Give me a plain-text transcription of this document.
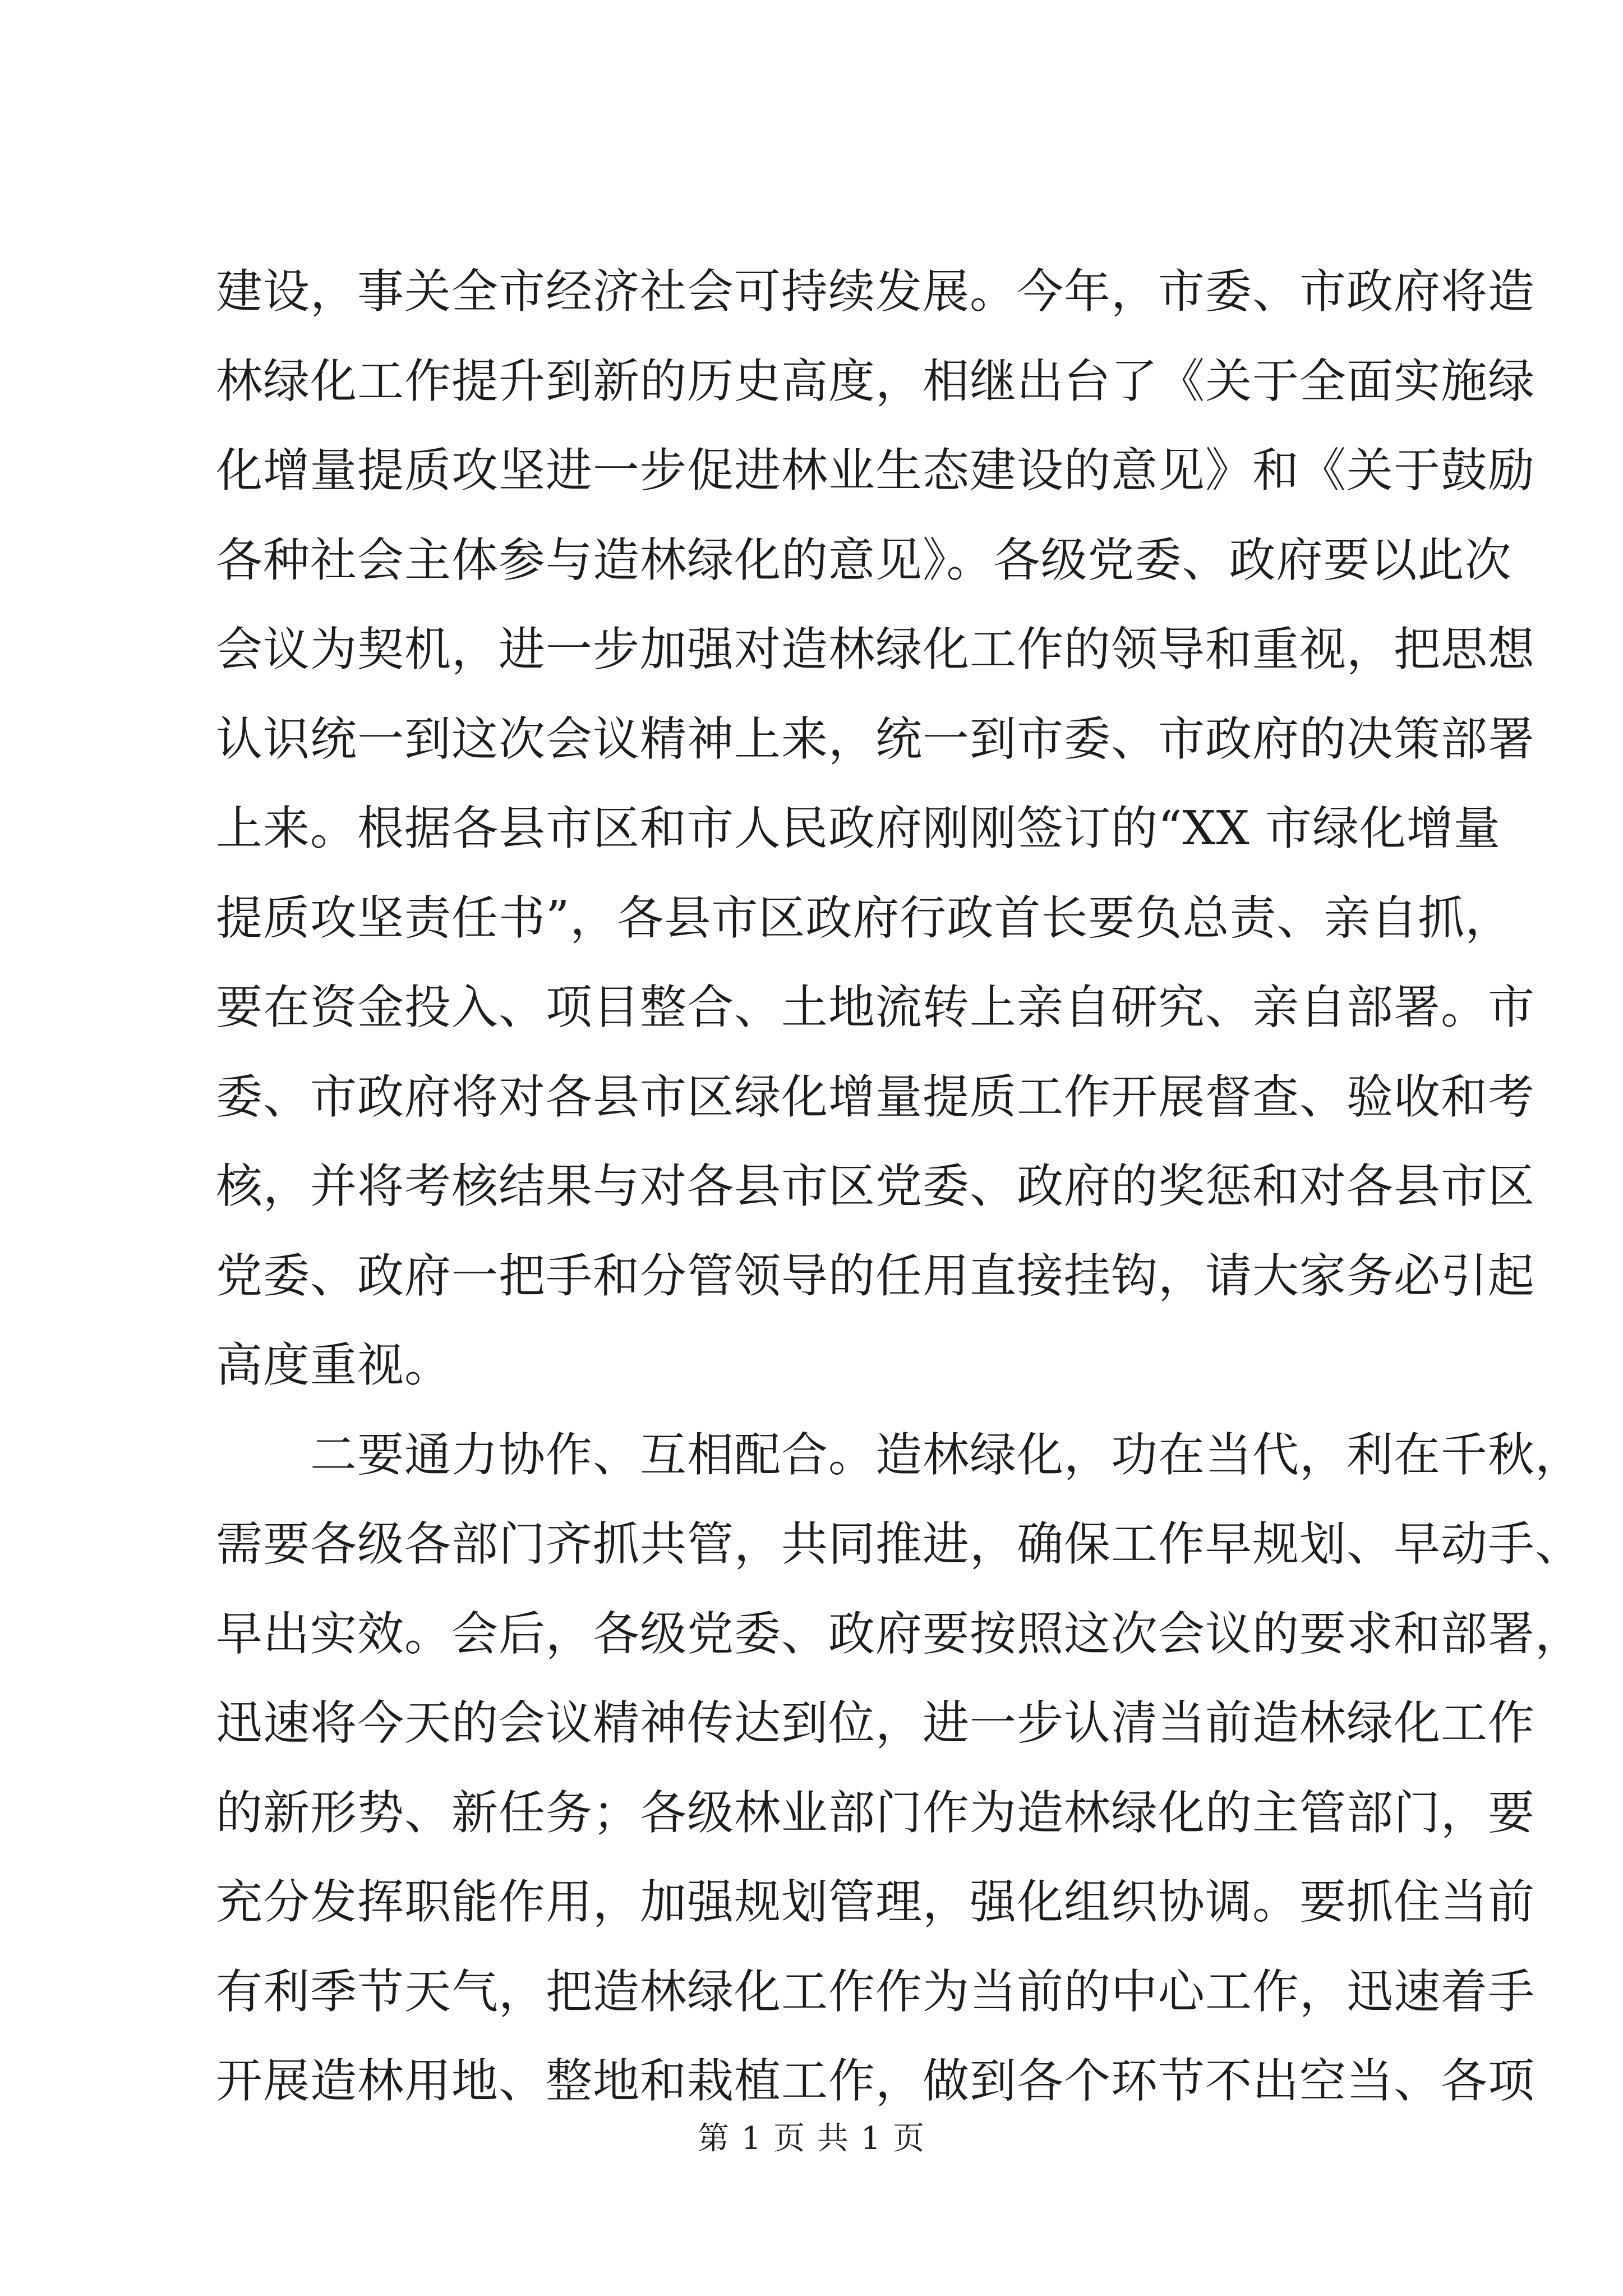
建设，事关全市经济社会可持续发展。今年，市委、市政府将造
林绿化工作提升到新的历史高度，相继出台了《关于全面实施绿
化增量提质攻坚进一步促进林业生态建设的意见》和《关于鼓励
各种社会主体参与造林绿化的意见》。各级党委、政府要以此次
会议为契机，进一步加强对造林绿化工作的领导和重视，把思想
认识统一到这次会议精神上来，统一到市委、市政府的决策部署
上来。根据各县市区和市人民政府刚刚签订的“XX 市绿化增量
提质攻坚责任书”，各县市区政府行政首长要负总责、亲自抓，
要在资金投入、项目整合、土地流转上亲自研究、亲自部署。市
委、市政府将对各县市区绿化增量提质工作开展督查、验收和考
核，并将考核结果与对各县市区党委、政府的奖惩和对各县市区
党委、政府一把手和分管领导的任用直接挂钩，请大家务必引起
高度重视。
　　二要通力协作、互相配合。造林绿化，功在当代，利在千秋，
需要各级各部门齐抓共管，共同推进，确保工作早规划、早动手、
早出实效。会后，各级党委、政府要按照这次会议的要求和部署，
迅速将今天的会议精神传达到位，进一步认清当前造林绿化工作
的新形势、新任务；各级林业部门作为造林绿化的主管部门，要
充分发挥职能作用，加强规划管理，强化组织协调。要抓住当前
有利季节天气，把造林绿化工作作为当前的中心工作，迅速着手
开展造林用地、整地和栽植工作，做到各个环节不出空当、各项
第 1 页 共 1 页
